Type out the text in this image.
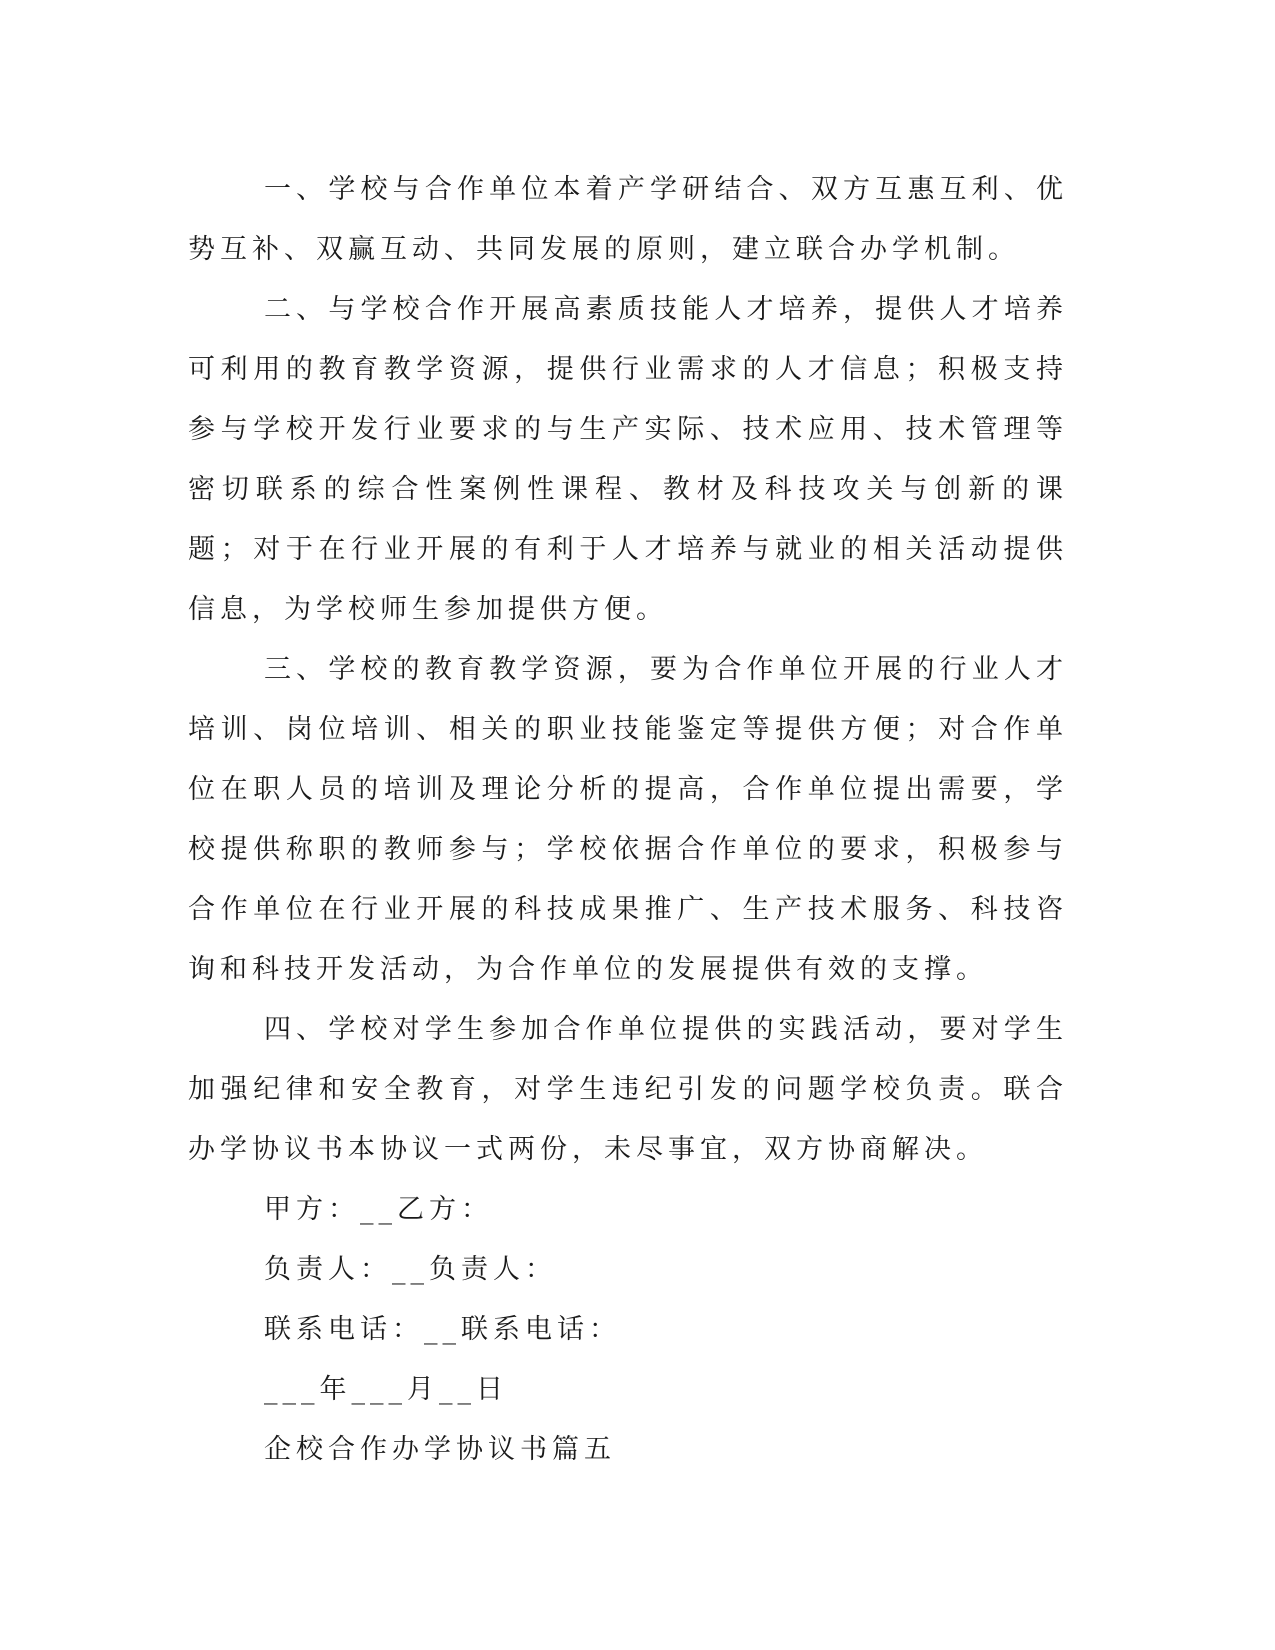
一、学校与合作单位本着产学研结合、双方互惠互利、优势互补、双赢互动、共同发展的原则，建立联合办学机制。

二、与学校合作开展高素质技能人才培养，提供人才培养可利用的教育教学资源，提供行业需求的人才信息；积极支持参与学校开发行业要求的与生产实际、技术应用、技术管理等密切联系的综合性案例性课程、教材及科技攻关与创新的课题；对于在行业开展的有利于人才培养与就业的相关活动提供信息，为学校师生参加提供方便。

三、学校的教育教学资源，要为合作单位开展的行业人才培训、岗位培训、相关的职业技能鉴定等提供方便；对合作单位在职人员的培训及理论分析的提高，合作单位提出需要，学校提供称职的教师参与；学校依据合作单位的要求，积极参与合作单位在行业开展的科技成果推广、生产技术服务、科技咨询和科技开发活动，为合作单位的发展提供有效的支撑。

四、学校对学生参加合作单位提供的实践活动，要对学生加强纪律和安全教育，对学生违纪引发的问题学校负责。联合办学协议书本协议一式两份，未尽事宜，双方协商解决。

甲方：__乙方：

负责人：__负责人：

联系电话：__联系电话：

___年___月__日

企校合作办学协议书篇五
